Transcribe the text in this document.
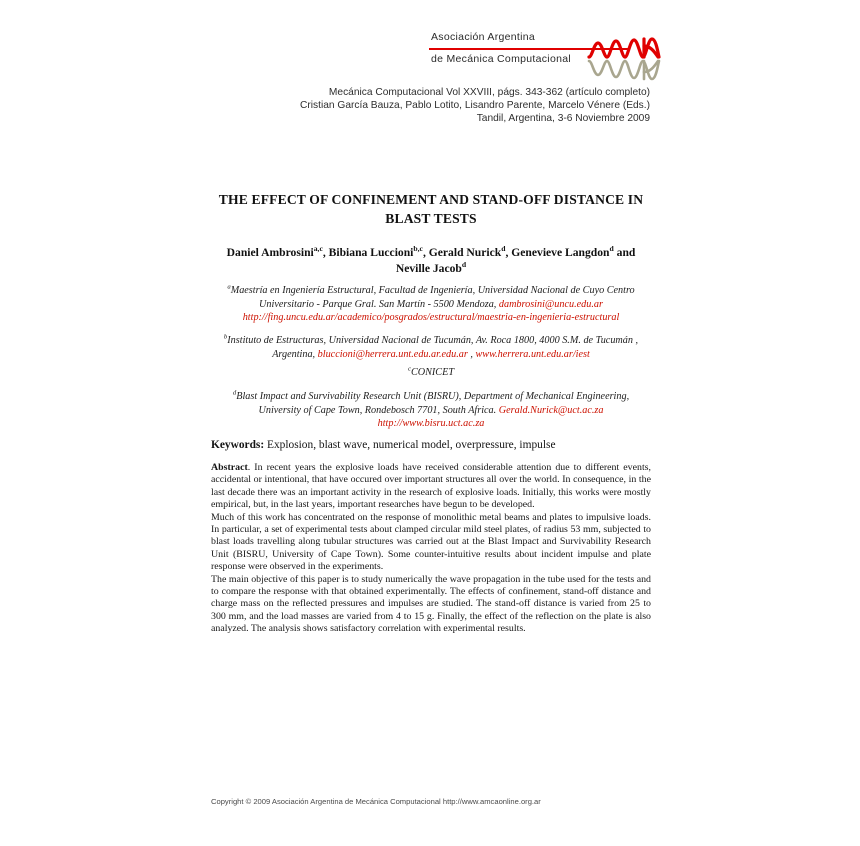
Asociación Argentina
de Mecánica Computacional
Mecánica Computacional Vol XXVIII, págs. 343-362 (artículo completo)
Cristian García Bauza, Pablo Lotito, Lisandro Parente, Marcelo Vénere (Eds.)
Tandil, Argentina, 3-6 Noviembre 2009
THE EFFECT OF CONFINEMENT AND STAND-OFF DISTANCE IN
BLAST TESTS
Daniel Ambrosini$^{a,c}$, Bibiana Luccioni$^{b,c}$, Gerald Nurick$^d$, Genevieve Langdon$^d$ and
Neville Jacob$^d$
$^a$Maestría en Ingeniería Estructural, Facultad de Ingeniería, Universidad Nacional de Cuyo Centro Universitario - Parque Gral. San Martín - 5500 Mendoza, dambrosini@uncu.edu.ar
http://fing.uncu.edu.ar/academico/posgrados/estructural/maestria-en-ingenieria-estructural
$^b$Instituto de Estructuras, Universidad Nacional de Tucumán, Av. Roca 1800, 4000 S.M. de Tucumán , Argentina, bluccioni@herrera.unt.edu.ar.edu.ar , www.herrera.unt.edu.ar/iest
$^c$CONICET
$^d$Blast Impact and Survivability Research Unit (BISRU), Department of Mechanical Engineering, University of Cape Town, Rondebosch 7701, South Africa. Gerald.Nurick@uct.ac.za
http://www.bisru.uct.ac.za
Keywords: Explosion, blast wave, numerical model, overpressure, impulse

Abstract. In recent years the explosive loads have received considerable attention due to different events, accidental or intentional, that have occured over important structures all over the world. In consequence, in the last decade there was an important activity in the research of explosive loads. Initially, this works were mostly empirical, but, in the last years, important researches have begun to be developed.

Much of this work has concentrated on the response of monolithic metal beams and plates to impulsive loads. In particular, a set of experimental tests about clamped circular mild steel plates, of radius 53 mm, subjected to blast loads travelling along tubular structures was carried out at the Blast Impact and Survivability Research Unit (BISRU, University of Cape Town). Some counter-intuitive results about incident impulse and plate response were observed in the experiments.

The main objective of this paper is to study numerically the wave propagation in the tube used for the tests and to compare the response with that obtained experimentally. The effects of confinement, stand-off distance and charge mass on the reflected pressures and impulses are studied. The stand-off distance is varied from 25 to 300 mm, and the load masses are varied from 4 to 15 g. Finally, the effect of the reflection on the plate is also analyzed. The analysis shows satisfactory correlation with experimental results.

Copyright © 2009 Asociación Argentina de Mecánica Computacional http://www.amcaonline.org.ar
